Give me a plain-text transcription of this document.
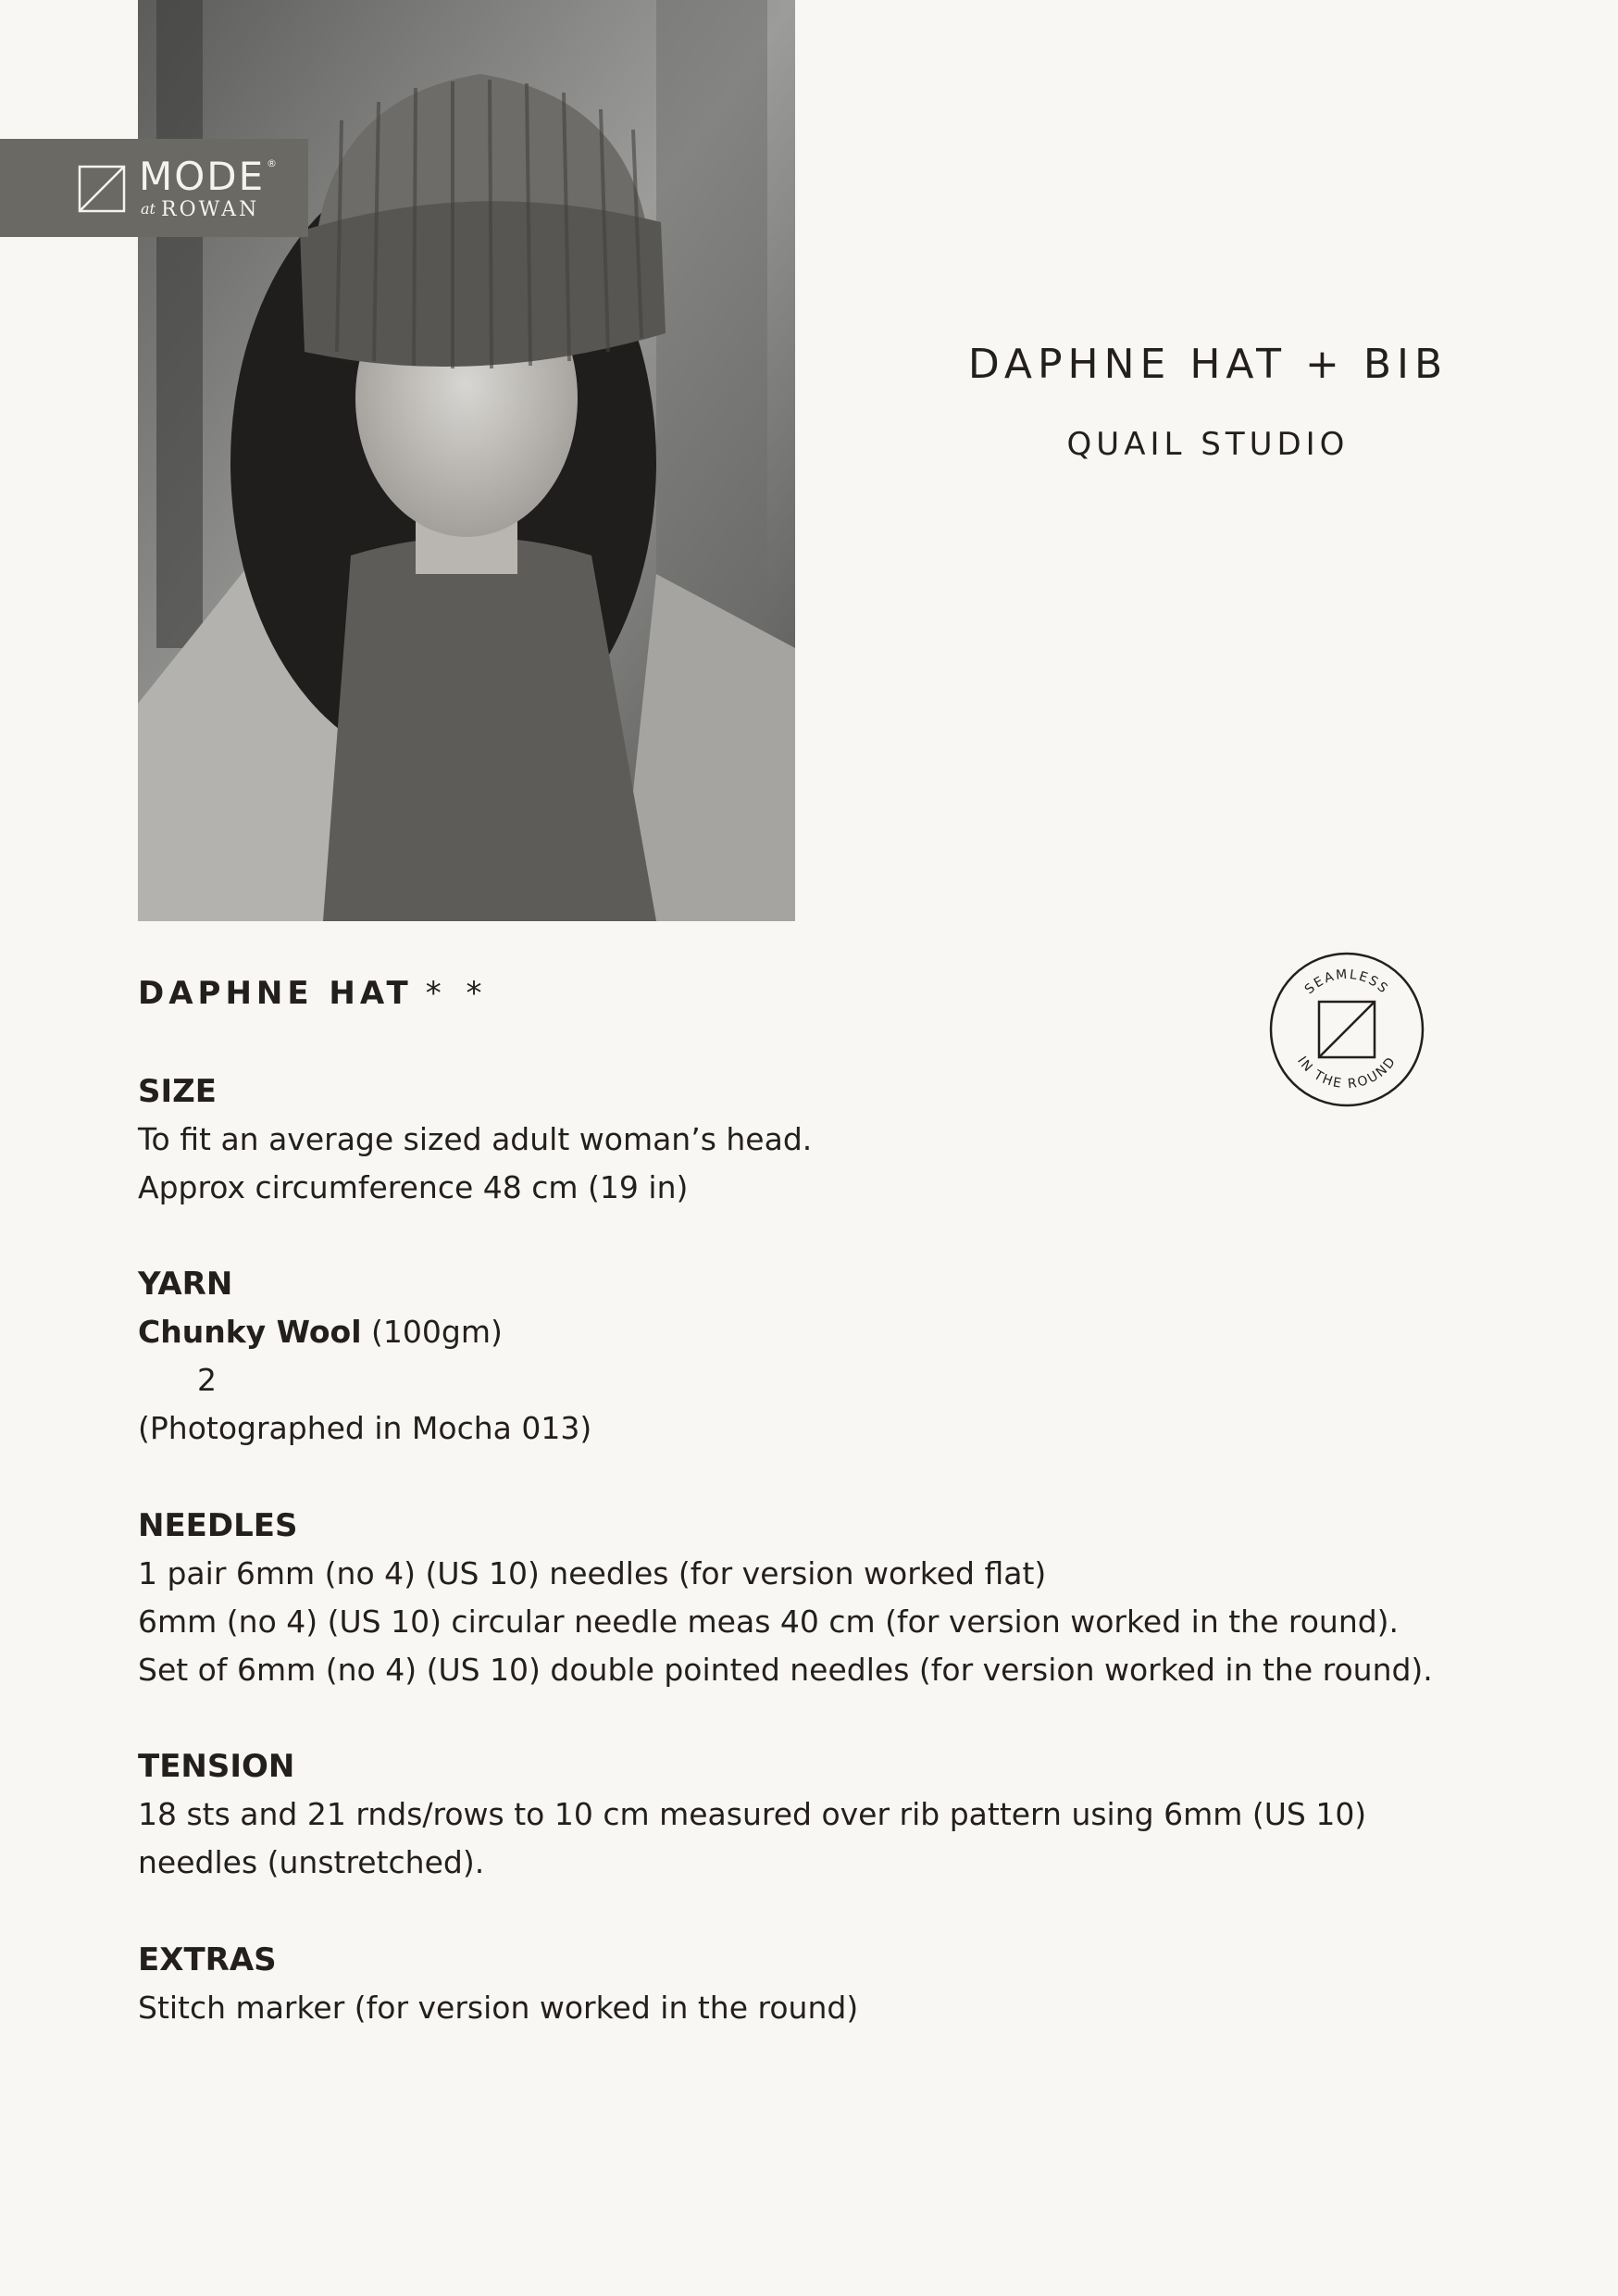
MODE ®
at ROWAN
DAPHNE HAT + BIB
QUAIL STUDIO
SEAMLESS
IN THE ROUND
DAPHNE HAT * *
SIZE
To fit an average sized adult woman’s head.
Approx circumference 48 cm (19 in)
YARN
Chunky Wool (100gm)
2
(Photographed in Mocha 013)
NEEDLES
1 pair 6mm (no 4) (US 10) needles (for version worked flat)
6mm (no 4) (US 10) circular needle meas 40 cm (for version worked in the round).
Set of 6mm (no 4) (US 10) double pointed needles (for version worked in the round).
TENSION
18 sts and 21 rnds/rows to 10 cm measured over rib pattern using 6mm (US 10)
needles (unstretched).
EXTRAS
Stitch marker (for version worked in the round)
